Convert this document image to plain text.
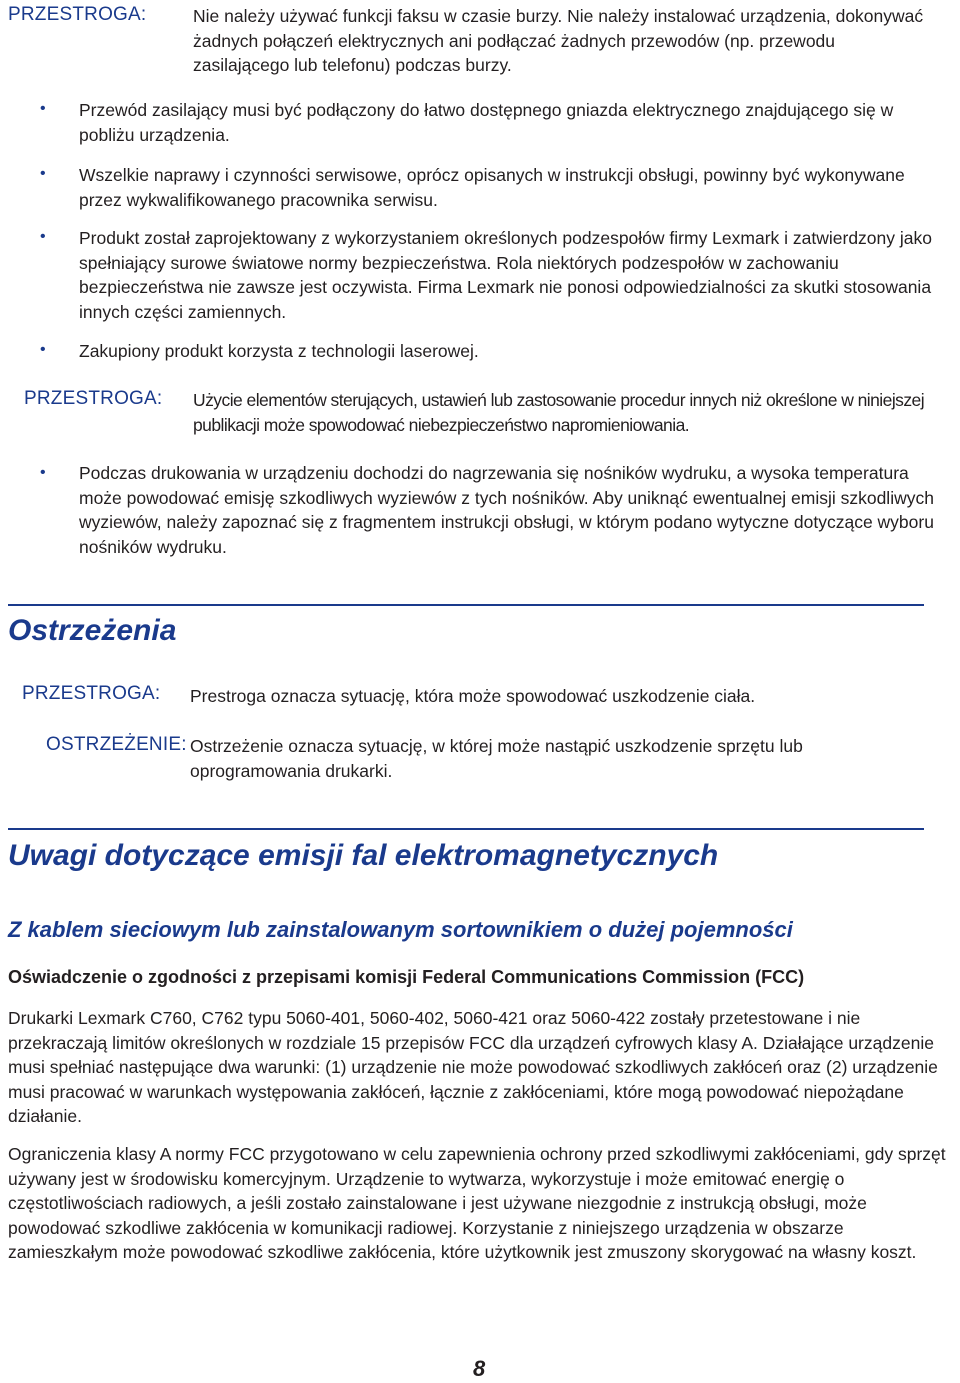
PRZESTROGA:	Nie należy używać funkcji faksu w czasie burzy. Nie należy instalować urządzenia, dokonywać żadnych połączeń elektrycznych ani podłączać żadnych przewodów (np. przewodu zasilającego lub telefonu) podczas burzy.
• Przewód zasilający musi być podłączony do łatwo dostępnego gniazda elektrycznego znajdującego się w pobliżu urządzenia.
• Wszelkie naprawy i czynności serwisowe, oprócz opisanych w instrukcji obsługi, powinny być wykonywane przez wykwalifikowanego pracownika serwisu.
• Produkt został zaprojektowany z wykorzystaniem określonych podzespołów firmy Lexmark i zatwierdzony jako spełniający surowe światowe normy bezpieczeństwa. Rola niektórych podzespołów w zachowaniu bezpieczeństwa nie zawsze jest oczywista. Firma Lexmark nie ponosi odpowiedzialności za skutki stosowania innych części zamiennych.
• Zakupiony produkt korzysta z technologii laserowej.
PRZESTROGA: Użycie elementów sterujących, ustawień lub zastosowanie procedur innych niż określone w niniejszej publikacji może spowodować niebezpieczeństwo napromieniowania.
• Podczas drukowania w urządzeniu dochodzi do nagrzewania się nośników wydruku, a wysoka temperatura może powodować emisję szkodliwych wyziewów z tych nośników. Aby uniknąć ewentualnej emisji szkodliwych wyziewów, należy zapoznać się z fragmentem instrukcji obsługi, w którym podano wytyczne dotyczące wyboru nośników wydruku.
Ostrzeżenia
PRZESTROGA: Prestroga oznacza sytuację, która może spowodować uszkodzenie ciała.
OSTRZEŻENIE: Ostrzeżenie oznacza sytuację, w której może nastąpić uszkodzenie sprzętu lub oprogramowania drukarki.
Uwagi dotyczące emisji fal elektromagnetycznych
Z kablem sieciowym lub zainstalowanym sortownikiem o dużej pojemności
Oświadczenie o zgodności z przepisami komisji Federal Communications Commission (FCC)
Drukarki Lexmark C760, C762 typu 5060-401, 5060-402, 5060-421 oraz 5060-422 zostały przetestowane i nie przekraczają limitów określonych w rozdziale 15 przepisów FCC dla urządzeń cyfrowych klasy A. Działające urządzenie musi spełniać następujące dwa warunki: (1) urządzenie nie może powodować szkodliwych zakłóceń oraz (2) urządzenie musi pracować w warunkach występowania zakłóceń, łącznie z zakłóceniami, które mogą powodować niepożądane działanie.
Ograniczenia klasy A normy FCC przygotowano w celu zapewnienia ochrony przed szkodliwymi zakłóceniami, gdy sprzęt używany jest w środowisku komercyjnym. Urządzenie to wytwarza, wykorzystuje i może emitować energię o częstotliwościach radiowych, a jeśli zostało zainstalowane i jest używane niezgodnie z instrukcją obsługi, może powodować szkodliwe zakłócenia w komunikacji radiowej. Korzystanie z niniejszego urządzenia w obszarze zamieszkałym może powodować szkodliwe zakłócenia, które użytkownik jest zmuszony skorygować na własny koszt.
8
